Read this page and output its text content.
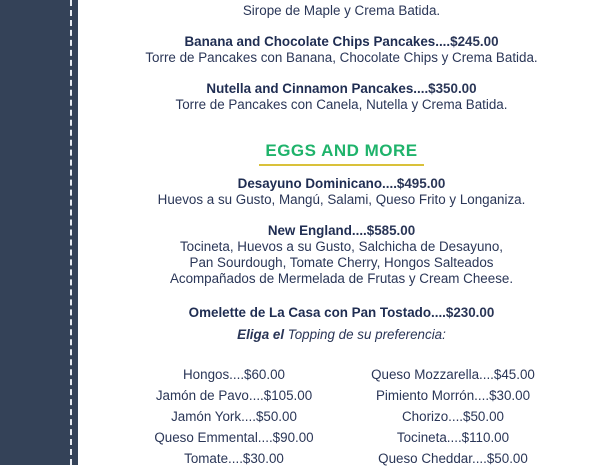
Sirope de Maple y Crema Batida.
Banana and Chocolate Chips Pancakes....$245.00
Torre de Pancakes con Banana, Chocolate Chips y Crema Batida.
Nutella and Cinnamon Pancakes....$350.00
Torre de Pancakes con Canela, Nutella y Crema Batida.
EGGS AND MORE
Desayuno Dominicano....$495.00
Huevos a su Gusto, Mangú, Salami, Queso Frito y Longaniza.
New England....$585.00
Tocineta, Huevos a su Gusto, Salchicha de Desayuno,
Pan Sourdough, Tomate Cherry, Hongos Salteados
Acompañados de Mermelada de Frutas y Cream Cheese.
Omelette de La Casa con Pan Tostado....$230.00
Eliga el Topping de su preferencia:
Hongos....$60.00
Jamón de Pavo....$105.00
Jamón York....$50.00
Queso Emmental....$90.00
Tomate....$30.00
Queso Mozzarella....$45.00
Pimiento Morrón....$30.00
Chorizo....$50.00
Tocineta....$110.00
Queso Cheddar....$50.00
